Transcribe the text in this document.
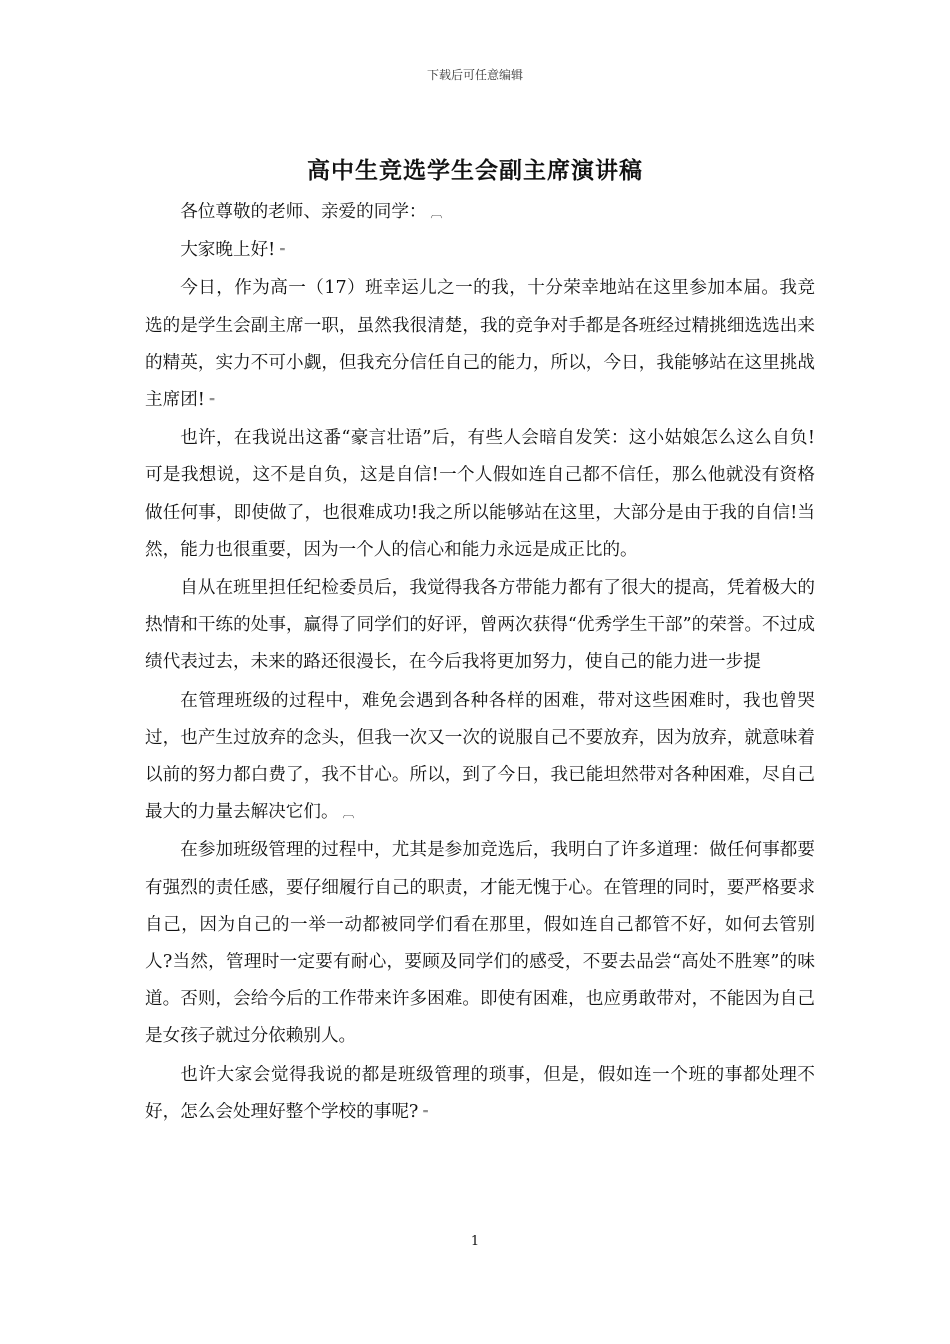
下载后可任意编辑
高中生竞选学生会副主席演讲稿

各位尊敬的老师、亲爱的同学： ︹

大家晚上好! ⁼

今日，作为高一（17）班幸运儿之一的我，十分荣幸地站在这里参加本届。我竞选的是学生会副主席一职，虽然我很清楚，我的竞争对手都是各班经过精挑细选选出来的精英，实力不可小觑，但我充分信任自己的能力，所以，今日，我能够站在这里挑战主席团! ⁼

也许，在我说出这番“豪言壮语”后，有些人会暗自发笑：这小姑娘怎么这么自负!可是我想说，这不是自负，这是自信!一个人假如连自己都不信任，那么他就没有资格做任何事，即使做了，也很难成功!我之所以能够站在这里，大部分是由于我的自信!当然，能力也很重要，因为一个人的信心和能力永远是成正比的。

自从在班里担任纪检委员后，我觉得我各方带能力都有了很大的提高，凭着极大的热情和干练的处事，赢得了同学们的好评，曾两次获得“优秀学生干部”的荣誉。不过成绩代表过去，未来的路还很漫长，在今后我将更加努力，使自己的能力进一步提

在管理班级的过程中，难免会遇到各种各样的困难，带对这些困难时，我也曾哭过，也产生过放弃的念头，但我一次又一次的说服自己不要放弃，因为放弃，就意味着以前的努力都白费了，我不甘心。所以，到了今日，我已能坦然带对各种困难，尽自己最大的力量去解决它们。 ︹

在参加班级管理的过程中，尤其是参加竞选后，我明白了许多道理：做任何事都要有强烈的责任感，要仔细履行自己的职责，才能无愧于心。在管理的同时，要严格要求自己，因为自己的一举一动都被同学们看在那里，假如连自己都管不好，如何去管别人?当然，管理时一定要有耐心，要顾及同学们的感受，不要去品尝“高处不胜寒”的味道。否则，会给今后的工作带来许多困难。即使有困难，也应勇敢带对，不能因为自己是女孩子就过分依赖别人。

也许大家会觉得我说的都是班级管理的琐事，但是，假如连一个班的事都处理不好，怎么会处理好整个学校的事呢? ⁼

1
